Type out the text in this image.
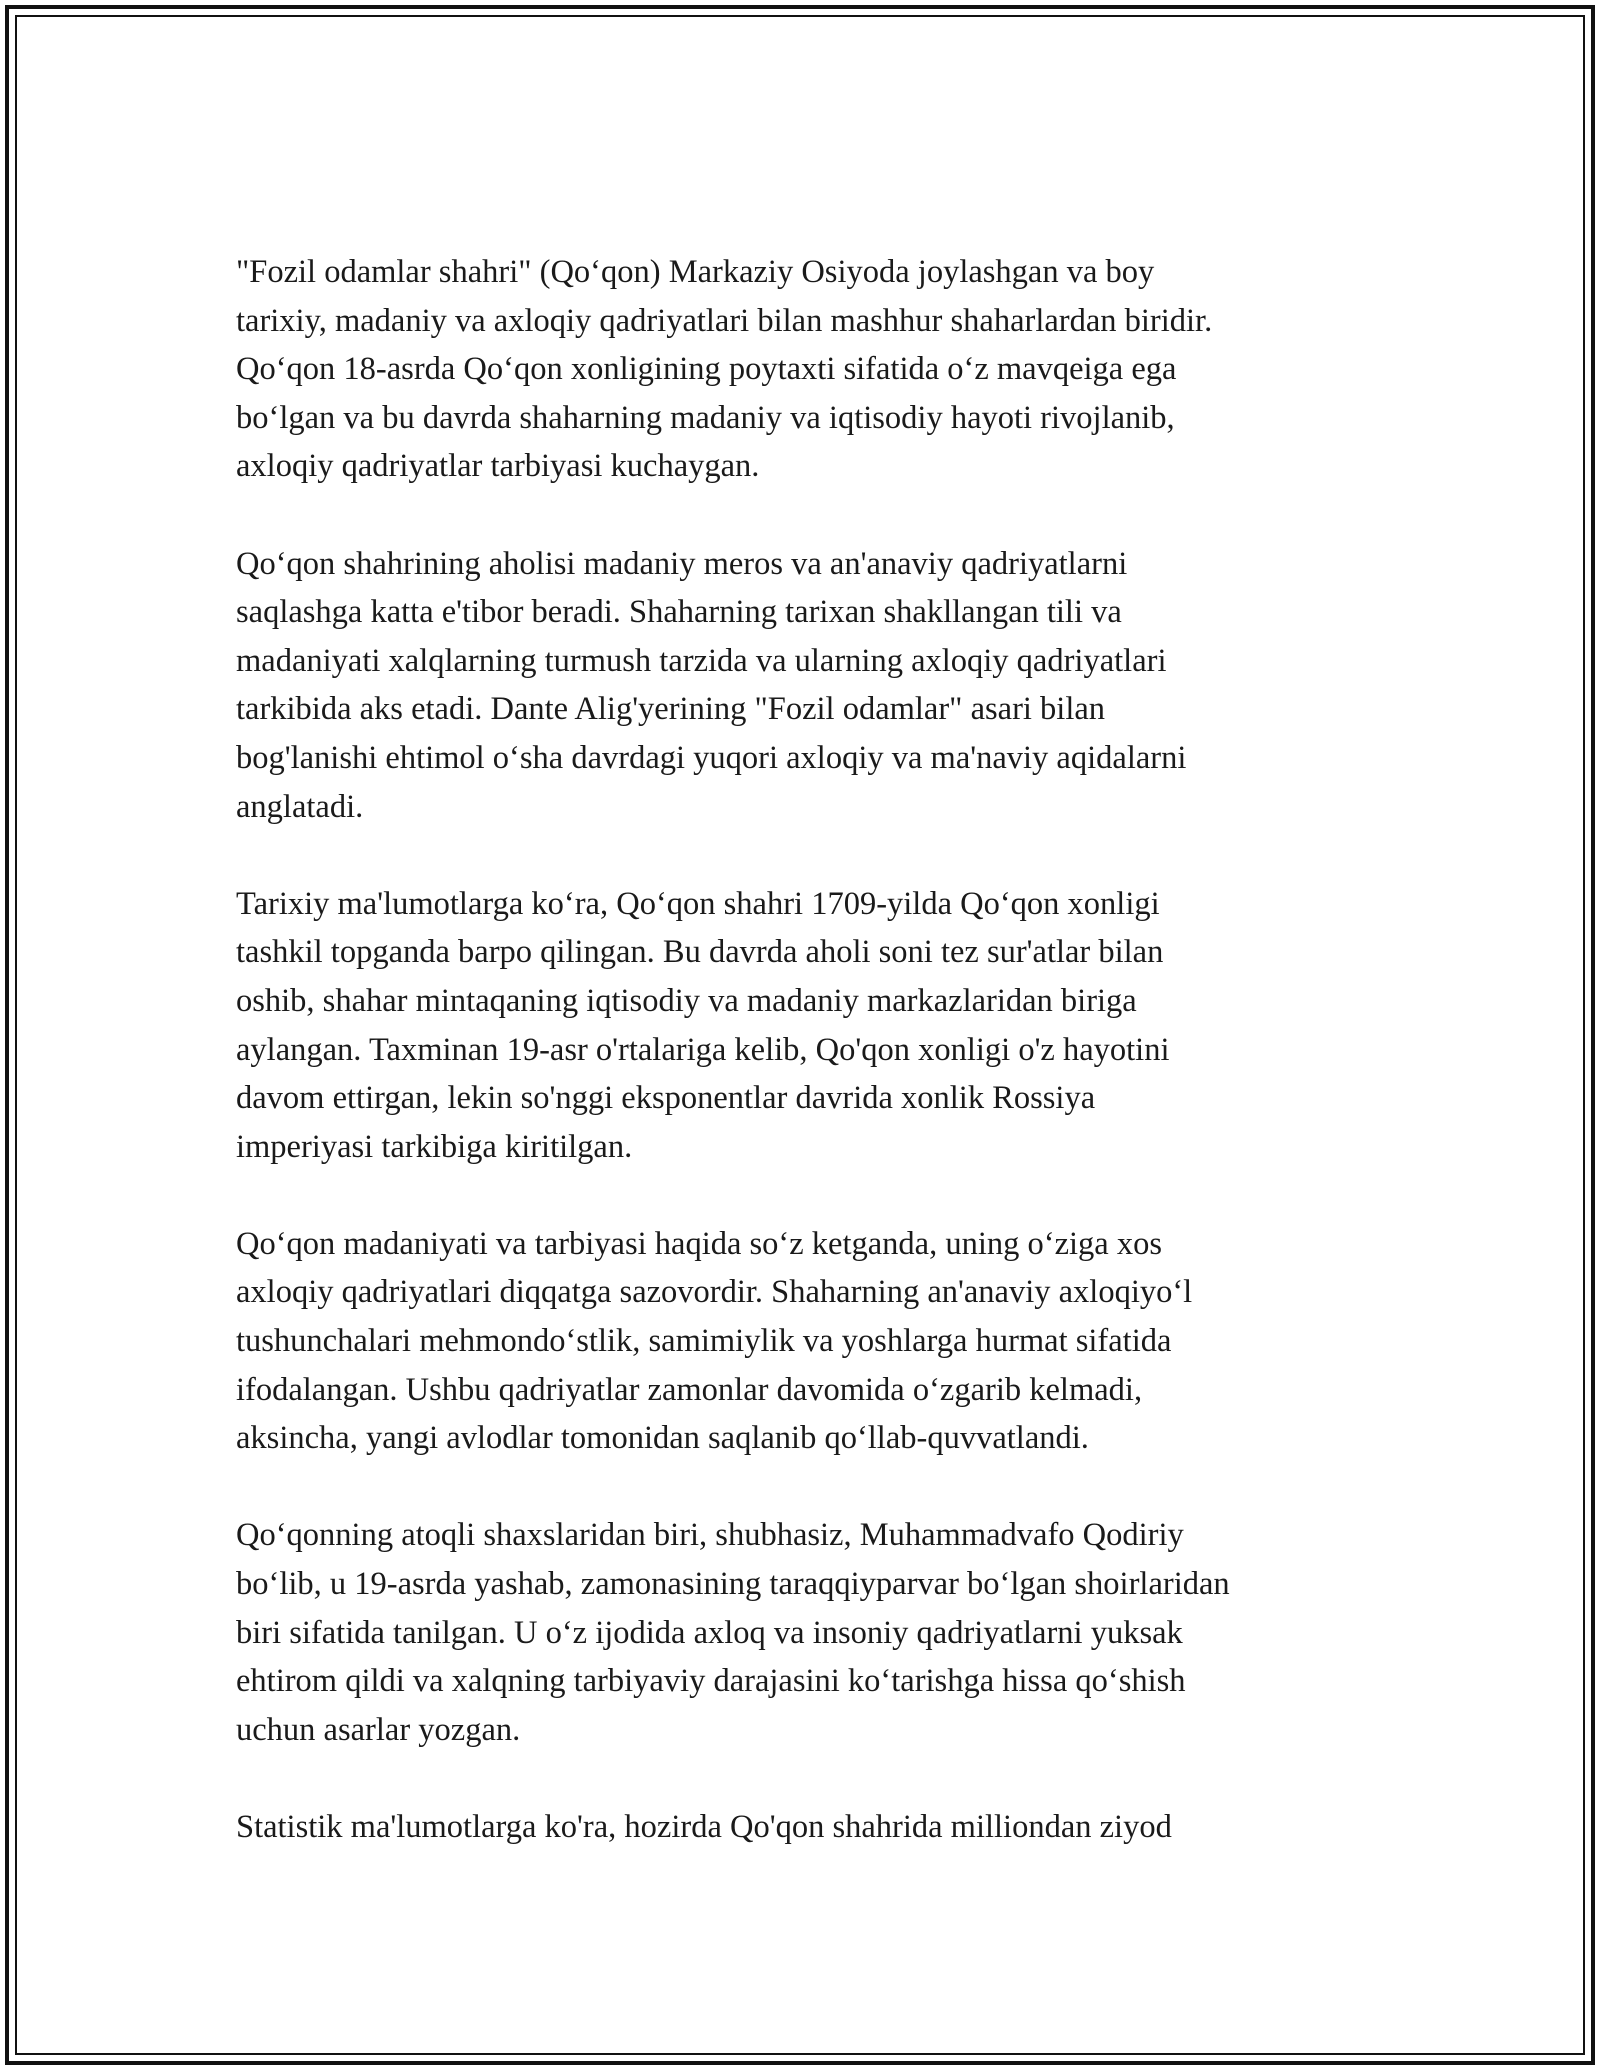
"Fozil odamlar shahri" (Qo‘qon) Markaziy Osiyoda joylashgan va boy
tarixiy, madaniy va axloqiy qadriyatlari bilan mashhur shaharlardan biridir.
Qo‘qon 18-asrda Qo‘qon xonligining poytaxti sifatida o‘z mavqeiga ega
bo‘lgan va bu davrda shaharning madaniy va iqtisodiy hayoti rivojlanib,
axloqiy qadriyatlar tarbiyasi kuchaygan.
Qo‘qon shahrining aholisi madaniy meros va an'anaviy qadriyatlarni
saqlashga katta e'tibor beradi. Shaharning tarixan shakllangan tili va
madaniyati xalqlarning turmush tarzida va ularning axloqiy qadriyatlari
tarkibida aks etadi. Dante Alig'yerining "Fozil odamlar" asari bilan
bog'lanishi ehtimol o‘sha davrdagi yuqori axloqiy va ma'naviy aqidalarni
anglatadi.
Tarixiy ma'lumotlarga ko‘ra, Qo‘qon shahri 1709-yilda Qo‘qon xonligi
tashkil topganda barpo qilingan. Bu davrda aholi soni tez sur'atlar bilan
oshib, shahar mintaqaning iqtisodiy va madaniy markazlaridan biriga
aylangan. Taxminan 19-asr o'rtalariga kelib, Qo'qon xonligi o'z hayotini
davom ettirgan, lekin so'nggi eksponentlar davrida xonlik Rossiya
imperiyasi tarkibiga kiritilgan.
Qo‘qon madaniyati va tarbiyasi haqida so‘z ketganda, uning o‘ziga xos
axloqiy qadriyatlari diqqatga sazovordir. Shaharning an'anaviy axloqiyo‘l
tushunchalari mehmondo‘stlik, samimiylik va yoshlarga hurmat sifatida
ifodalangan. Ushbu qadriyatlar zamonlar davomida o‘zgarib kelmadi,
aksincha, yangi avlodlar tomonidan saqlanib qo‘llab-quvvatlandi.
Qo‘qonning atoqli shaxslaridan biri, shubhasiz, Muhammadvafo Qodiriy
bo‘lib, u 19-asrda yashab, zamonasining taraqqiyparvar bo‘lgan shoirlaridan
biri sifatida tanilgan. U o‘z ijodida axloq va insoniy qadriyatlarni yuksak
ehtirom qildi va xalqning tarbiyaviy darajasini ko‘tarishga hissa qo‘shish
uchun asarlar yozgan.
Statistik ma'lumotlarga ko'ra, hozirda Qo'qon shahrida milliondan ziyod
